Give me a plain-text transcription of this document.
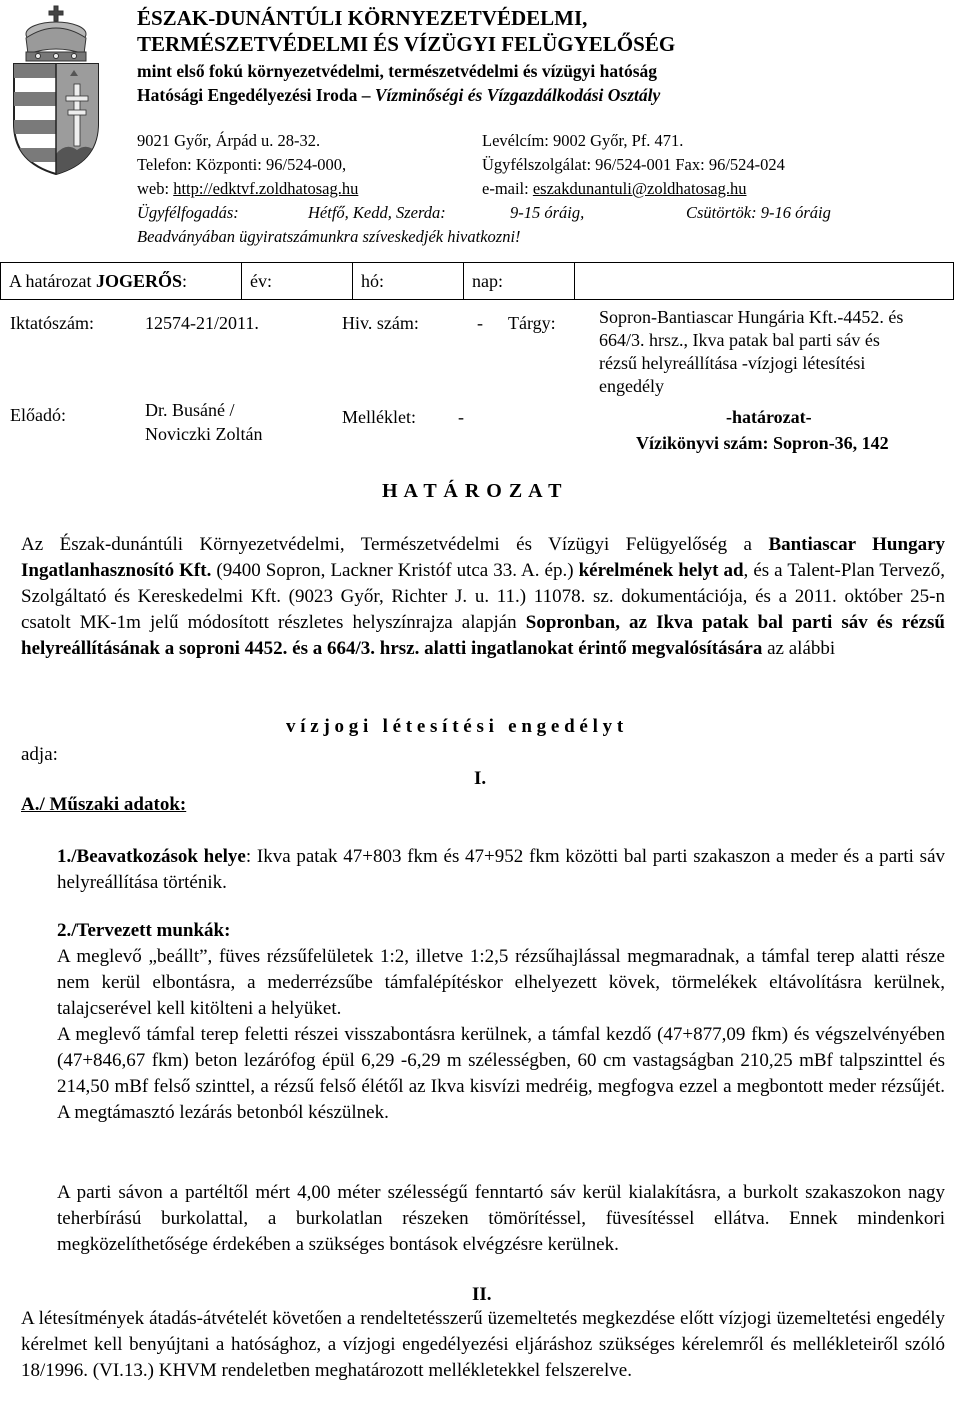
ÉSZAK-DUNÁNTÚLI KÖRNYEZETVÉDELMI,
TERMÉSZETVÉDELMI ÉS VÍZÜGYI FELÜGYELŐSÉG
mint első fokú környezetvédelmi, természetvédelmi és vízügyi hatóság
Hatósági Engedélyezési Iroda – Vízminőségi és Vízgazdálkodási Osztály
9021 Győr, Árpád u. 28-32.	Levélcím: 9002 Győr, Pf. 471.
Telefon: Központi: 96/524-000,	Ügyfélszolgálat: 96/524-001 Fax: 96/524-024
web: http://edktvf.zoldhatosag.hu	e-mail: eszakdunantuli@zoldhatosag.hu
Ügyfélfogadás:	Hétfő, Kedd, Szerda:	9-15 óráig,	Csütörtök: 9-16 óráig
Beadványában ügyiratszámunkra szíveskedjék hivatkozni!
A határozat JOGERŐS:	év:	hó:	nap:	
Iktatószám:	12574-21/2011.	Hiv. szám:	- Tárgy: Sopron-Bantiascar Hungária Kft.-4452. és
664/3. hrsz., Ikva patak bal parti sáv és
rézsű helyreállítása -vízjogi létesítési
engedély
Előadó:	Dr. Busáné /
Noviczki Zoltán
Melléklet: -	-határozat-
Vízikönyvi szám: Sopron-36, 142
H A T Á R O Z A T

Az Észak-dunántúli Környezetvédelmi, Természetvédelmi és Vízügyi Felügyelőség a Bantiascar Hungary Ingatlanhasznosító Kft. (9400 Sopron, Lackner Kristóf utca 33. A. ép.) kérelmének helyt ad, és a Talent-Plan Tervező, Szolgáltató és Kereskedelmi Kft. (9023 Győr, Richter J. u. 11.) 11078. sz. dokumentációja, és a 2011. október 25-n csatolt MK-1m jelű módosított részletes helyszínrajza alapján Sopronban, az Ikva patak bal parti sáv és rézsű helyreállításának a soproni 4452. és a 664/3. hrsz. alatti ingatlanokat érintő megvalósítására az alábbi

v í z j o g i   l é t e s í t é s i   e n g e d é l y t
adja:
I.
A./ Műszaki adatok:

1./Beavatkozások helye: Ikva patak 47+803 fkm és 47+952 fkm közötti bal parti szakaszon a meder és a parti sáv helyreállítása történik.

2./Tervezett munkák:

A meglevő „beállt”, füves rézsűfelületek 1:2, illetve 1:2,5 rézsűhajlással megmaradnak, a támfal terep alatti része nem kerül elbontásra, a mederrézsűbe támfalépítéskor elhelyezett kövek, törmelékek eltávolításra kerülnek, talajcserével kell kitölteni a helyüket.

A meglevő támfal terep feletti részei visszabontásra kerülnek, a támfal kezdő (47+877,09 fkm) és végszelvényében (47+846,67 fkm) beton lezárófog épül 6,29 -6,29 m szélességben, 60 cm vastagságban 210,25 mBf talpszinttel és 214,50 mBf felső szinttel, a rézsű felső élétől az Ikva kisvízi medréig, megfogva ezzel a megbontott meder rézsűjét. A megtámasztó lezárás betonból készülnek.

A parti sávon a partéltől mért 4,00 méter szélességű fenntartó sáv kerül kialakításra, a burkolt szakaszokon nagy teherbírású burkolattal, a burkolatlan részeken tömörítéssel, füvesítéssel ellátva. Ennek mindenkori megközelíthetősége érdekében a szükséges bontások elvégzésre kerülnek.
II.
A létesítmények átadás-átvételét követően a rendeltetésszerű üzemeltetés megkezdése előtt vízjogi üzemeltetési engedély kérelmet kell benyújtani a hatósághoz, a vízjogi engedélyezési eljáráshoz szükséges kérelemről és mellékleteiről szóló 18/1996. (VI.13.) KHVM rendeletben meghatározott mellékletekkel felszerelve.
